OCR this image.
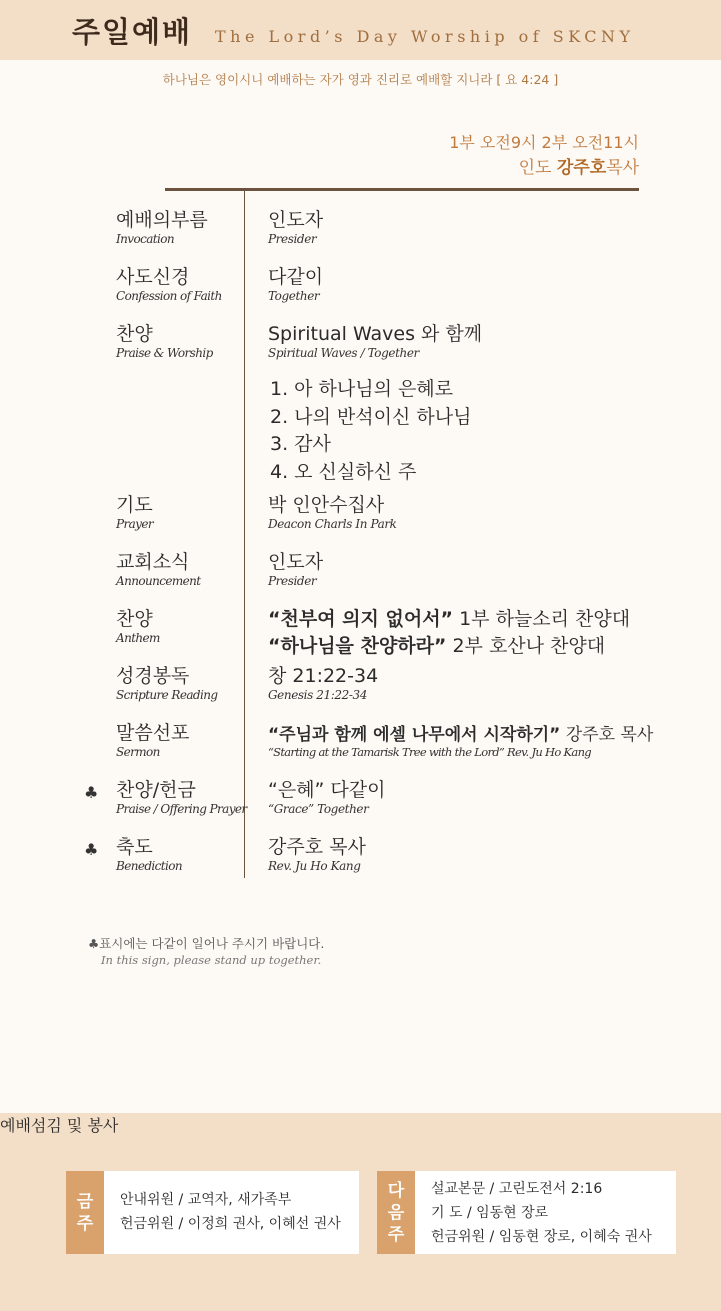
주일예배 The Lord’s Day Worship of SKCNY
하나님은 영이시니 예배하는 자가 영과 진리로 예배할 지니라 [ 요 4:24 ]
1부 오전9시 2부 오전11시
인도 강주호목사
예배의부름
Invocation
인도자
Presider
사도신경
Confession of Faith
다같이
Together
찬양
Praise & Worship
Spiritual Waves 와 함께
Spiritual Waves / Together
1. 아 하나님의 은혜로
2. 나의 반석이신 하나님
3. 감사
4. 오 신실하신 주
기도
Prayer
박 인안수집사
Deacon Charls In Park
교회소식
Announcement
인도자
Presider
찬양
Anthem
“천부여 의지 없어서” 1부 하늘소리 찬양대
“하나님을 찬양하라” 2부 호산나 찬양대
성경봉독
Scripture Reading
창 21:22-34
Genesis 21:22-34
말씀선포
Sermon
“주님과 함께 에셀 나무에서 시작하기” 강주호 목사
“Starting at the Tamarisk Tree with the Lord” Rev. Ju Ho Kang
♣ 찬양/헌금
Praise / Offering Prayer
“은혜” 다같이
“Grace” Together
♣ 축도
Benediction
강주호 목사
Rev. Ju Ho Kang
♣표시에는 다같이 일어나 주시기 바랍니다.
In this sign, please stand up together.
예배섬김 및 봉사
금
주
안내위원 / 교역자, 새가족부
헌금위원 / 이정희 권사, 이혜선 권사
다
음
주
설교본문 / 고린도전서 2:16
기 도 / 임동현 장로
헌금위원 / 임동현 장로, 이혜숙 권사
